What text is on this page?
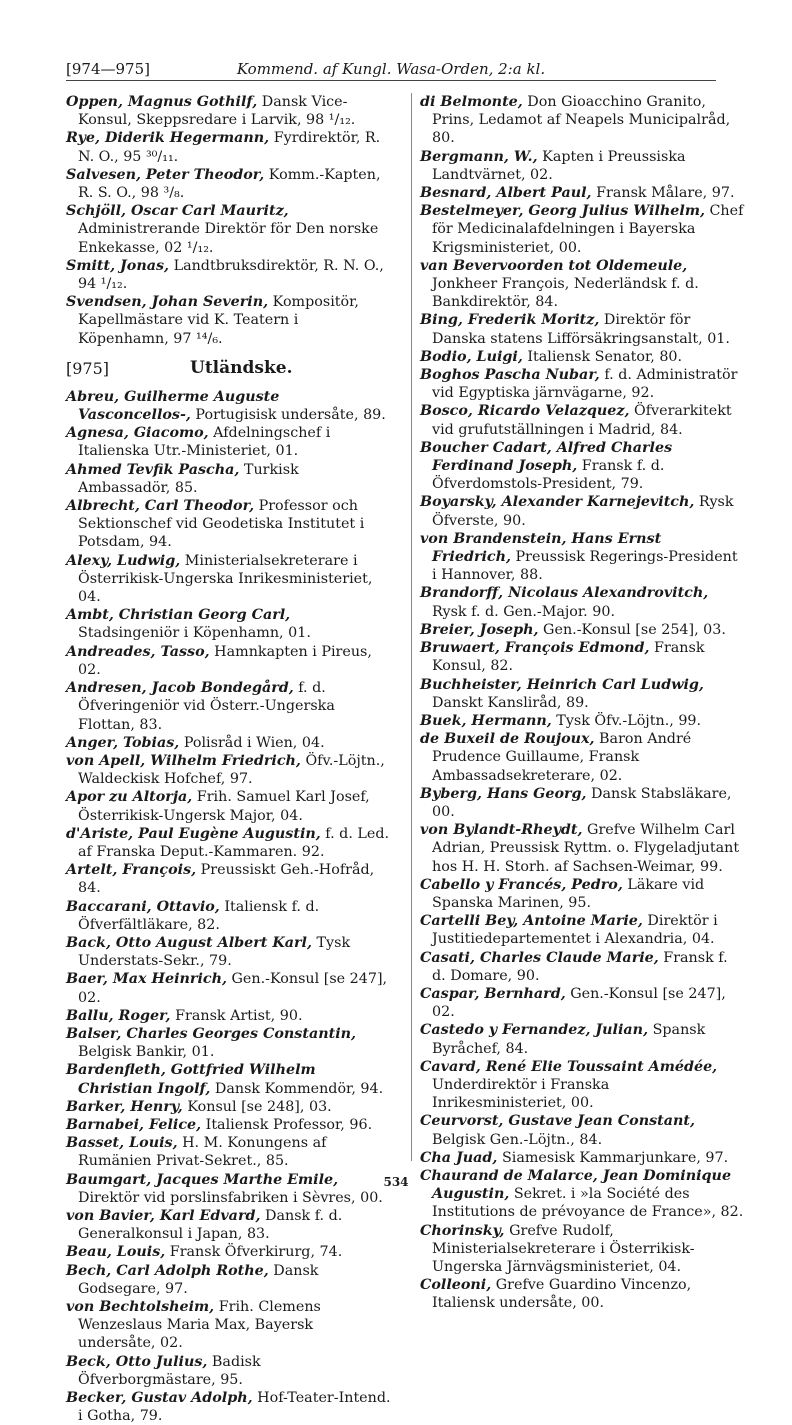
[974—975]	Kommend. af Kungl. Wasa-Orden, 2:a kl.

Oppen, Magnus Gothilf, Dansk Vice-Konsul, Skeppsredare i Larvik, 98 ¹/₁₂.

Rye, Diderik Hegermann, Fyrdirektör, R. N. O., 95 ³⁰/₁₁.

Salvesen, Peter Theodor, Komm.-Kapten, R. S. O., 98 ³/₈.

Schjöll, Oscar Carl Mauritz, Administrerande Direktör för Den norske Enkekasse, 02 ¹/₁₂.

Smitt, Jonas, Landtbruksdirektör, R. N. O., 94 ¹/₁₂.

Svendsen, Johan Severin, Kompositör, Kapellmästare vid K. Teatern i Köpenhamn, 97 ¹⁴/₆.

[975]	Utländske.

Abreu, Guilherme Auguste Vasconcellos-, Portugisisk undersåte, 89.

Agnesa, Giacomo, Afdelningschef i Italienska Utr.-Ministeriet, 01.

Ahmed Tevfik Pascha, Turkisk Ambassadör, 85.

Albrecht, Carl Theodor, Professor och Sektionschef vid Geodetiska Institutet i Potsdam, 94.

Alexy, Ludwig, Ministerialsekreterare i Österrikisk-Ungerska Inrikesministeriet, 04.

Ambt, Christian Georg Carl, Stadsingeniör i Köpenhamn, 01.

Andreades, Tasso, Hamnkapten i Pireus, 02.

Andresen, Jacob Bondegård, f. d. Öfveringeniör vid Österr.-Ungerska Flottan, 83.

Anger, Tobias, Polisråd i Wien, 04.

von Apell, Wilhelm Friedrich, Öfv.-Löjtn., Waldeckisk Hofchef, 97.

Apor zu Altorja, Frih. Samuel Karl Josef, Österrikisk-Ungersk Major, 04.

d'Ariste, Paul Eugène Augustin, f. d. Led. af Franska Deput.-Kammaren. 92.

Artelt, François, Preussiskt Geh.-Hofråd, 84.

Baccarani, Ottavio, Italiensk f. d. Öfverfältläkare, 82.

Back, Otto August Albert Karl, Tysk Understats-Sekr., 79.

Baer, Max Heinrich, Gen.-Konsul [se 247], 02.

Ballu, Roger, Fransk Artist, 90.

Balser, Charles Georges Constantin, Belgisk Bankir, 01.

Bardenfleth, Gottfried Wilhelm Christian Ingolf, Dansk Kommendör, 94.

Barker, Henry, Konsul [se 248], 03.

Barnabei, Felice, Italiensk Professor, 96.

Basset, Louis, H. M. Konungens af Rumänien Privat-Sekret., 85.

Baumgart, Jacques Marthe Emile, Direktör vid porslinsfabriken i Sèvres, 00.

von Bavier, Karl Edvard, Dansk f. d. Generalkonsul i Japan, 83.

Beau, Louis, Fransk Öfverkirurg, 74.

Bech, Carl Adolph Rothe, Dansk Godsegare, 97.

von Bechtolsheim, Frih. Clemens Wenzeslaus Maria Max, Bayersk undersåte, 02.

Beck, Otto Julius, Badisk Öfverborgmästare, 95.

Becker, Gustav Adolph, Hof-Teater-Intend. i Gotha, 79.

di Belmonte, Don Gioacchino Granito, Prins, Ledamot af Neapels Municipalråd, 80.

Bergmann, W., Kapten i Preussiska Landtvärnet, 02.

Besnard, Albert Paul, Fransk Målare, 97.

Bestelmeyer, Georg Julius Wilhelm, Chef för Medicinalafdelningen i Bayerska Krigsministeriet, 00.

van Bevervoorden tot Oldemeule, Jonkheer François, Nederländsk f. d. Bankdirektör, 84.

Bing, Frederik Moritz, Direktör för Danska statens Lifförsäkringsanstalt, 01.

Bodio, Luigi, Italiensk Senator, 80.

Boghos Pascha Nubar, f. d. Administratör vid Egyptiska järnvägarne, 92.

Bosco, Ricardo Velazquez, Öfverarkitekt vid grufutställningen i Madrid, 84.

Boucher Cadart, Alfred Charles Ferdinand Joseph, Fransk f. d. Öfverdomstols-President, 79.

Boyarsky, Alexander Karnejevitch, Rysk Öfverste, 90.

von Brandenstein, Hans Ernst Friedrich, Preussisk Regerings-President i Hannover, 88.

Brandorff, Nicolaus Alexandrovitch, Rysk f. d. Gen.-Major. 90.

Breier, Joseph, Gen.-Konsul [se 254], 03.

Bruwaert, François Edmond, Fransk Konsul, 82.

Buchheister, Heinrich Carl Ludwig, Danskt Kansliråd, 89.

Buek, Hermann, Tysk Öfv.-Löjtn., 99.

de Buxeil de Roujoux, Baron André Prudence Guillaume, Fransk Ambassadsekreterare, 02.

Byberg, Hans Georg, Dansk Stabsläkare, 00.

von Bylandt-Rheydt, Grefve Wilhelm Carl Adrian, Preussisk Ryttm. o. Flygeladjutant hos H. H. Storh. af Sachsen-Weimar, 99.

Cabello y Francés, Pedro, Läkare vid Spanska Marinen, 95.

Cartelli Bey, Antoine Marie, Direktör i Justitiedepartementet i Alexandria, 04.

Casati, Charles Claude Marie, Fransk f. d. Domare, 90.

Caspar, Bernhard, Gen.-Konsul [se 247], 02.

Castedo y Fernandez, Julian, Spansk Byråchef, 84.

Cavard, René Elie Toussaint Amédée, Underdirektör i Franska Inrikesministeriet, 00.

Ceurvorst, Gustave Jean Constant, Belgisk Gen.-Löjtn., 84.

Cha Juad, Siamesisk Kammarjunkare, 97.

Chaurand de Malarce, Jean Dominique Augustin, Sekret. i »la Société des Institutions de prévoyance de France», 82.

Chorinsky, Grefve Rudolf, Ministerialsekreterare i Österrikisk-Ungerska Järnvägsministeriet, 04.

Colleoni, Grefve Guardino Vincenzo, Italiensk undersåte, 00.

534
